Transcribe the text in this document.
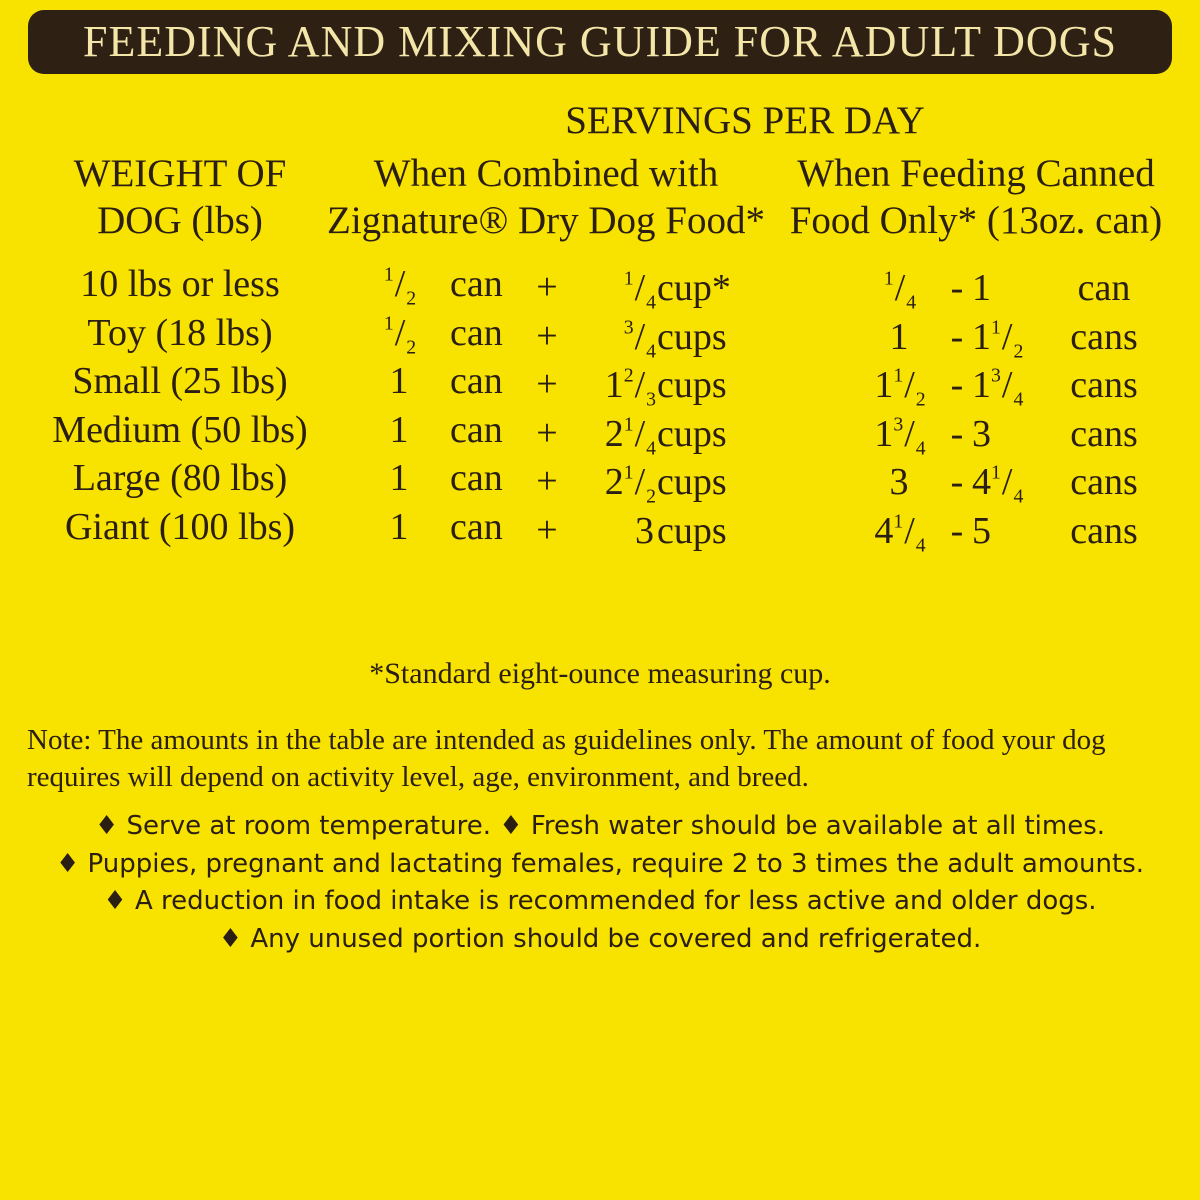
FEEDING AND MIXING GUIDE FOR ADULT DOGS
SERVINGS PER DAY
WEIGHT OF
DOG (lbs)
When Combined with
Zignature® Dry Dog Food*
When Feeding Canned
Food Only* (13oz. can)
10 lbs or less	$^1/_2$ can +	$^1/_4$ cup*	$^1/_4 - 1$	can
Toy (18 lbs)	$^1/_2$ can +	$^3/_4$ cups	1	- $1^1/_2$	cans
Small (25 lbs)	1	can +	$1^2/_3$ cups	$1^1/_2 - 1^3/_4$	cans
Medium (50 lbs)	1	can +	$2^1/_4$ cups	$1^3/_4 - 3$	cans
Large (80 lbs)	1	can +	$2^1/_2$ cups	3	- $4^1/_4$	cans
Giant (100 lbs)	1	can +	3 cups	$4^1/_4 - 5$	cans
*Standard eight-ounce measuring cup.
Note: The amounts in the table are intended as guidelines only. The amount of food your dog
requires will depend on activity level, age, environment, and breed.
♦ Serve at room temperature. ♦ Fresh water should be available at all times.
♦ Puppies, pregnant and lactating females, require 2 to 3 times the adult amounts.
♦ A reduction in food intake is recommended for less active and older dogs.
♦ Any unused portion should be covered and refrigerated.
